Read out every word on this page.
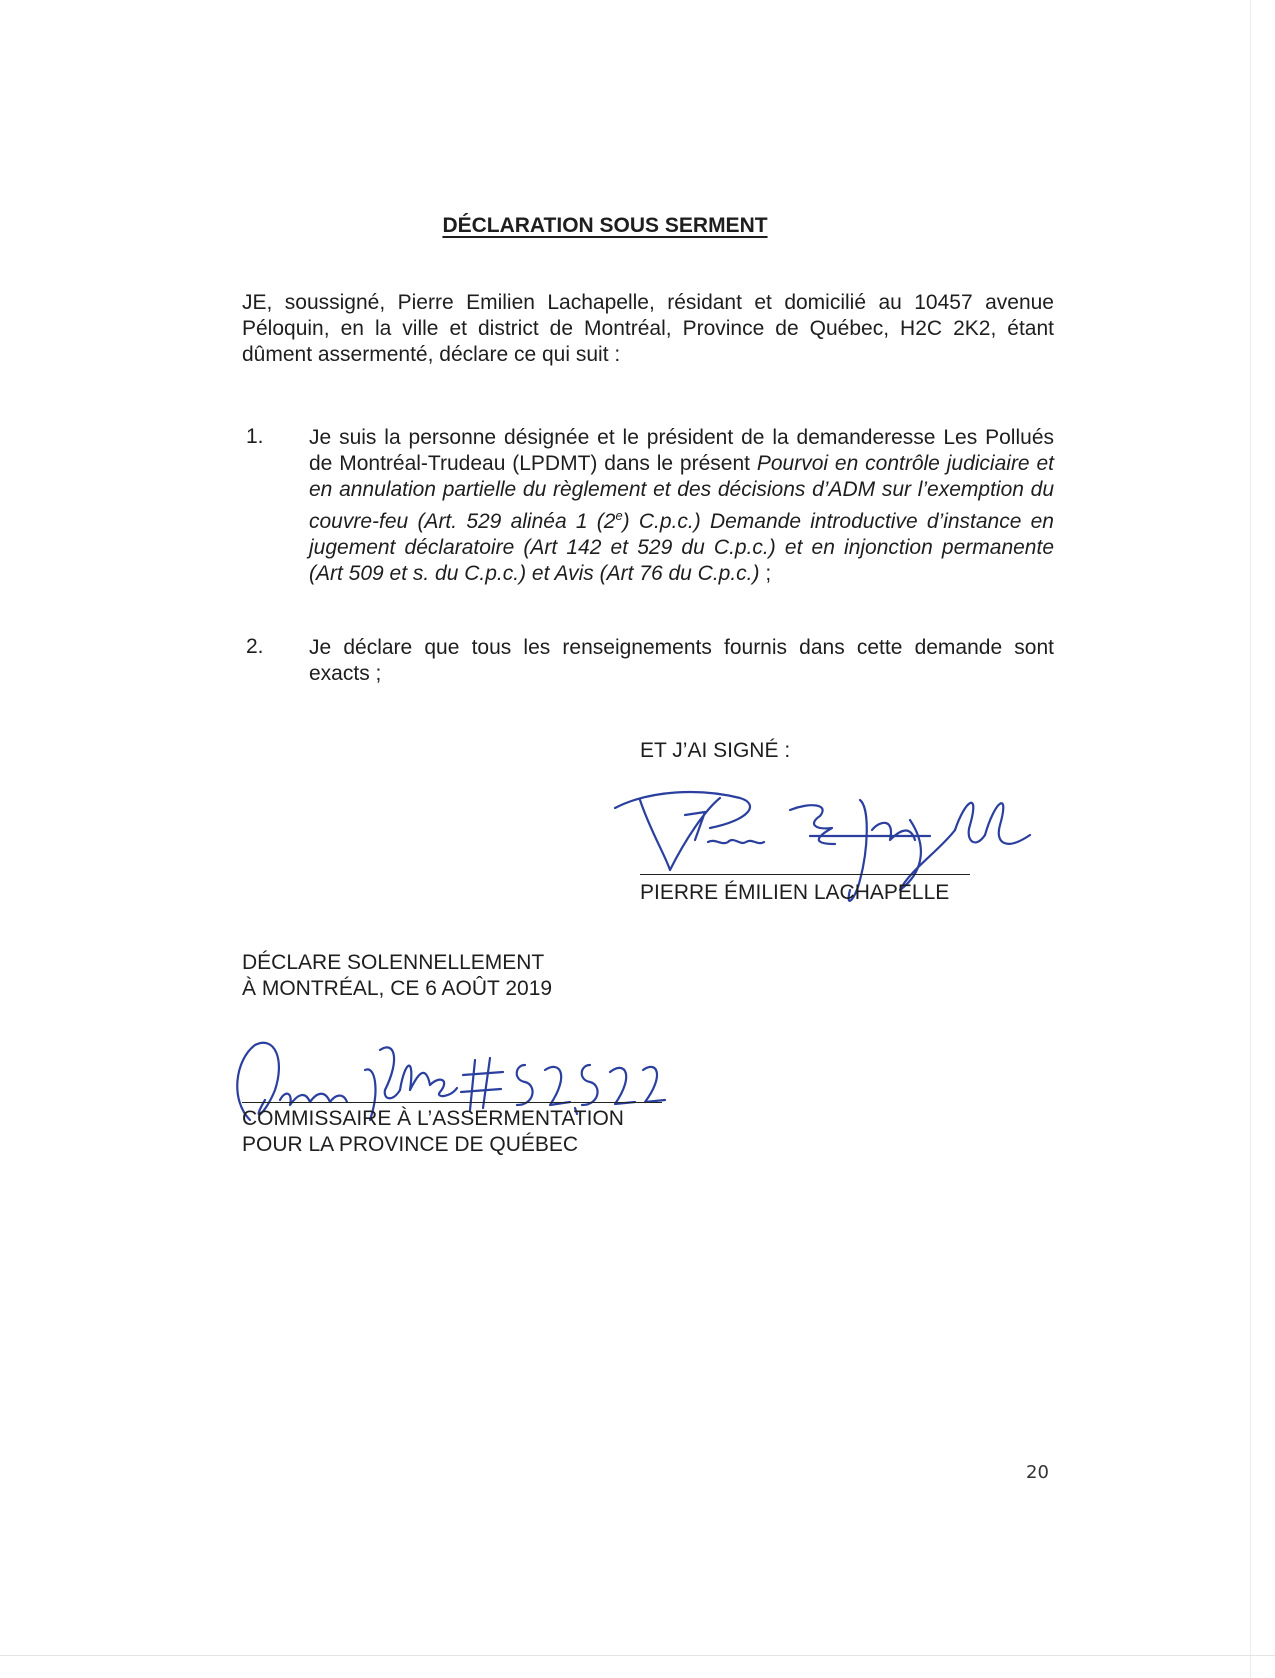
DÉCLARATION SOUS SERMENT

JE, soussigné, Pierre Emilien Lachapelle, résidant et domicilié au 10457 avenue Péloquin, en la ville et district de Montréal, Province de Québec, H2C 2K2, étant dûment assermenté, déclare ce qui suit :

1. Je suis la personne désignée et le président de la demanderesse Les Pollués de Montréal-Trudeau (LPDMT) dans le présent Pourvoi en contrôle judiciaire et en annulation partielle du règlement et des décisions d’ADM sur l’exemption du couvre-feu (Art. 529 alinéa 1 (2e) C.p.c.) Demande introductive d’instance en jugement déclaratoire (Art 142 et 529 du C.p.c.) et en injonction permanente (Art 509 et s. du C.p.c.) et Avis (Art 76 du C.p.c.) ;

2. Je déclare que tous les renseignements fournis dans cette demande sont exacts ;

ET J’AI SIGNÉ :
PIERRE ÉMILIEN LACHAPELLE
DÉCLARE SOLENNELLEMENT
À MONTRÉAL, CE 6 AOÛT 2019
COMMISSAIRE À L’ASSERMENTATION
POUR LA PROVINCE DE QUÉBEC
20
